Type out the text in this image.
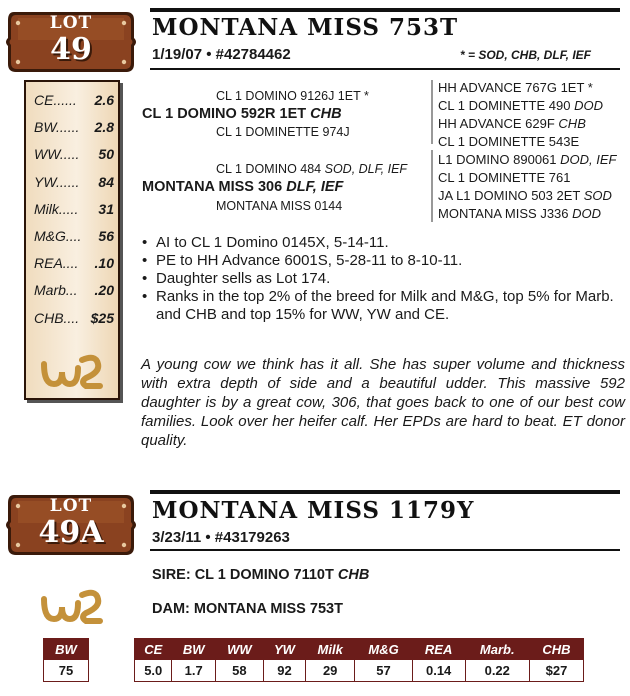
LOT
49
CE...... 2.6
BW...... 2.8
WW..... 50
YW...... 84
Milk..... 31
M&G.... 56
REA.... .10
Marb... .20
CHB.... $25
MONTANA MISS 753T
1/19/07 • #42784462	* = SOD, CHB, DLF, IEF
CL 1 DOMINO 9126J 1ET *
CL 1 DOMINO 592R 1ET CHB
CL 1 DOMINETTE 974J
CL 1 DOMINO 484 SOD, DLF, IEF
MONTANA MISS 306 DLF, IEF
MONTANA MISS 0144
HH ADVANCE 767G 1ET *
CL 1 DOMINETTE 490 DOD
HH ADVANCE 629F CHB
CL 1 DOMINETTE 543E
L1 DOMINO 890061 DOD, IEF
CL 1 DOMINETTE 761
JA L1 DOMINO 503 2ET SOD
MONTANA MISS J336 DOD
• AI to CL 1 Domino 0145X, 5-14-11.
• PE to HH Advance 6001S, 5-28-11 to 8-10-11.
• Daughter sells as Lot 174.
• Ranks in the top 2% of the breed for Milk and M&G, top 5% for Marb. and CHB and top 15% for WW, YW and CE.
A young cow we think has it all. She has super volume and thickness with extra depth of side and a beautiful udder. This massive 592 daughter is by a great cow, 306, that goes back to one of our best cow families. Look over her heifer calf. Her EPDs are hard to beat. ET donor quality.
LOT
49A
MONTANA MISS 1179Y
3/23/11 • #43179263
SIRE: CL 1 DOMINO 7110T CHB
DAM: MONTANA MISS 753T
BW
75
CE	BW	WW	YW	Milk	M&G	REA	Marb.	CHB
5.0	1.7	58	92	29	57	0.14	0.22	$27
